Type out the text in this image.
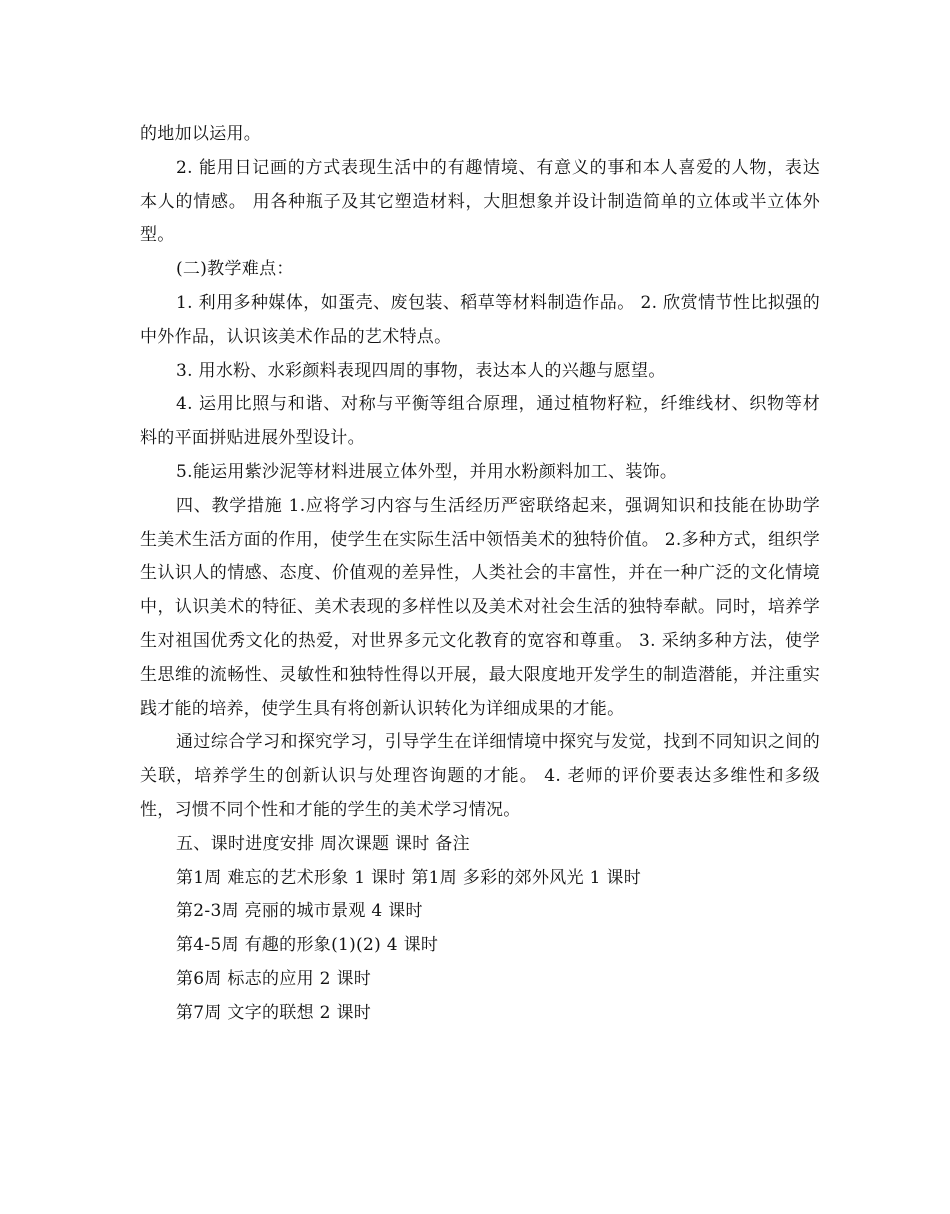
的地加以运用。

2. 能用日记画的方式表现生活中的有趣情境、有意义的事和本人喜爱的人物，表达本人的情感。 用各种瓶子及其它塑造材料，大胆想象并设计制造简单的立体或半立体外型。

(二)教学难点：

1. 利用多种媒体，如蛋壳、废包装、稻草等材料制造作品。 2. 欣赏情节性比拟强的中外作品，认识该美术作品的艺术特点。

3. 用水粉、水彩颜料表现四周的事物，表达本人的兴趣与愿望。

4. 运用比照与和谐、对称与平衡等组合原理，通过植物籽粒，纤维线材、织物等材料的平面拼贴进展外型设计。

5.能运用紫沙泥等材料进展立体外型，并用水粉颜料加工、装饰。

四、教学措施 1.应将学习内容与生活经历严密联络起来，强调知识和技能在协助学生美术生活方面的作用，使学生在实际生活中领悟美术的独特价值。 2.多种方式，组织学生认识人的情感、态度、价值观的差异性，人类社会的丰富性，并在一种广泛的文化情境中，认识美术的特征、美术表现的多样性以及美术对社会生活的独特奉献。同时，培养学生对祖国优秀文化的热爱，对世界多元文化教育的宽容和尊重。 3. 采纳多种方法，使学生思维的流畅性、灵敏性和独特性得以开展，最大限度地开发学生的制造潜能，并注重实践才能的培养，使学生具有将创新认识转化为详细成果的才能。

通过综合学习和探究学习，引导学生在详细情境中探究与发觉，找到不同知识之间的关联，培养学生的创新认识与处理咨询题的才能。 4. 老师的评价要表达多维性和多级性，习惯不同个性和才能的学生的美术学习情况。

五、课时进度安排 周次课题 课时 备注

第1周 难忘的艺术形象 1 课时 第1周 多彩的郊外风光 1 课时

第2-3周 亮丽的城市景观 4 课时

第4-5周 有趣的形象(1)(2) 4 课时

第6周 标志的应用 2 课时

第7周 文字的联想 2 课时
